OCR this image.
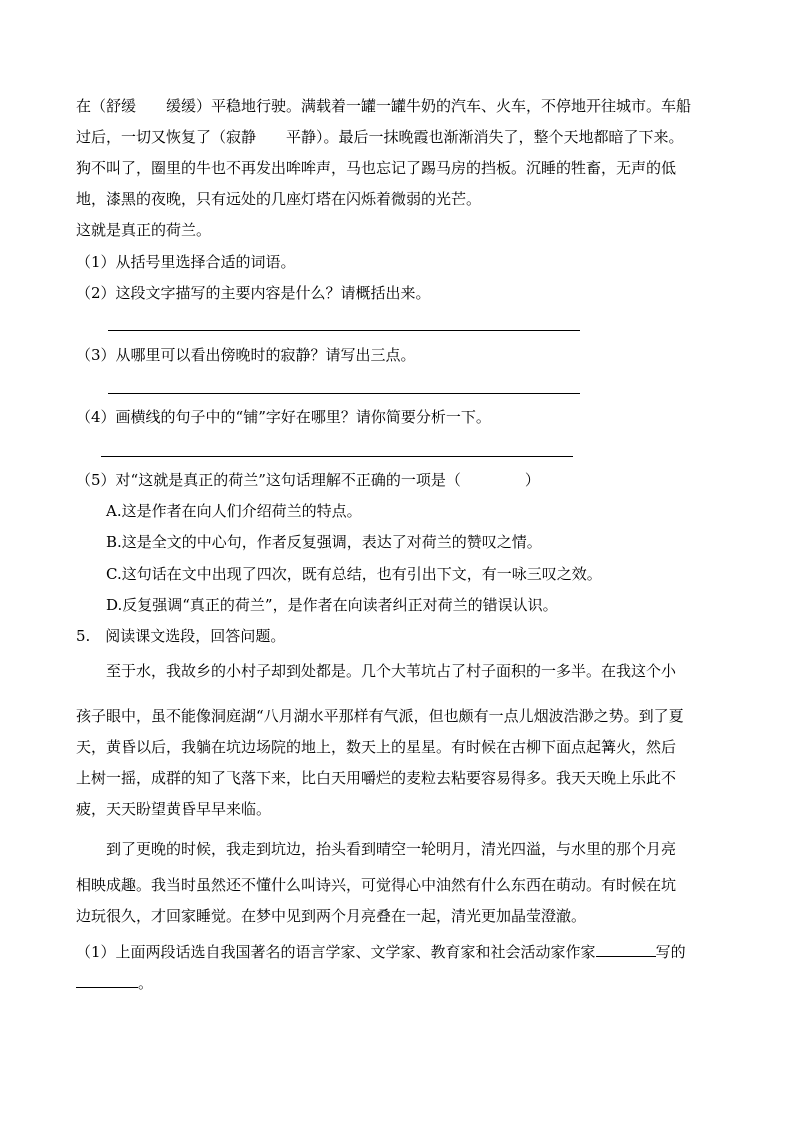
在（舒缓　　缓缓）平稳地行驶。满载着一罐一罐牛奶的汽车、火车，不停地开往城市。车船
过后，一切又恢复了（寂静　　平静）。最后一抹晚霞也渐渐消失了，整个天地都暗了下来。
狗不叫了，圈里的牛也不再发出哞哞声，马也忘记了踢马房的挡板。沉睡的牲畜，无声的低
地，漆黑的夜晚，只有远处的几座灯塔在闪烁着微弱的光芒。
这就是真正的荷兰。
（1）从括号里选择合适的词语。
（2）这段文字描写的主要内容是什么？请概括出来。
（3）从哪里可以看出傍晚时的寂静？请写出三点。
（4）画横线的句子中的“铺”字好在哪里？请你简要分析一下。
（5）对“这就是真正的荷兰”这句话理解不正确的一项是（	）
A.这是作者在向人们介绍荷兰的特点。
B.这是全文的中心句，作者反复强调，表达了对荷兰的赞叹之情。
C.这句话在文中出现了四次，既有总结，也有引出下文，有一咏三叹之效。
D.反复强调“真正的荷兰”，是作者在向读者纠正对荷兰的错误认识。
5.　阅读课文选段，回答问题。
至于水，我故乡的小村子却到处都是。几个大苇坑占了村子面积的一多半。在我这个小
孩子眼中，虽不能像洞庭湖“八月湖水平那样有气派，但也颇有一点儿烟波浩渺之势。到了夏
天，黄昏以后，我躺在坑边场院的地上，数天上的星星。有时候在古柳下面点起篝火，然后
上树一摇，成群的知了飞落下来，比白天用嚼烂的麦粒去粘要容易得多。我天天晚上乐此不
疲，天天盼望黄昏早早来临。
到了更晚的时候，我走到坑边，抬头看到晴空一轮明月，清光四溢，与水里的那个月亮
相映成趣。我当时虽然还不懂什么叫诗兴，可觉得心中油然有什么东西在萌动。有时候在坑
边玩很久，才回家睡觉。在梦中见到两个月亮叠在一起，清光更加晶莹澄澈。
（1）上面两段话选自我国著名的语言学家、文学家、教育家和社会活动家作家	写的
。
